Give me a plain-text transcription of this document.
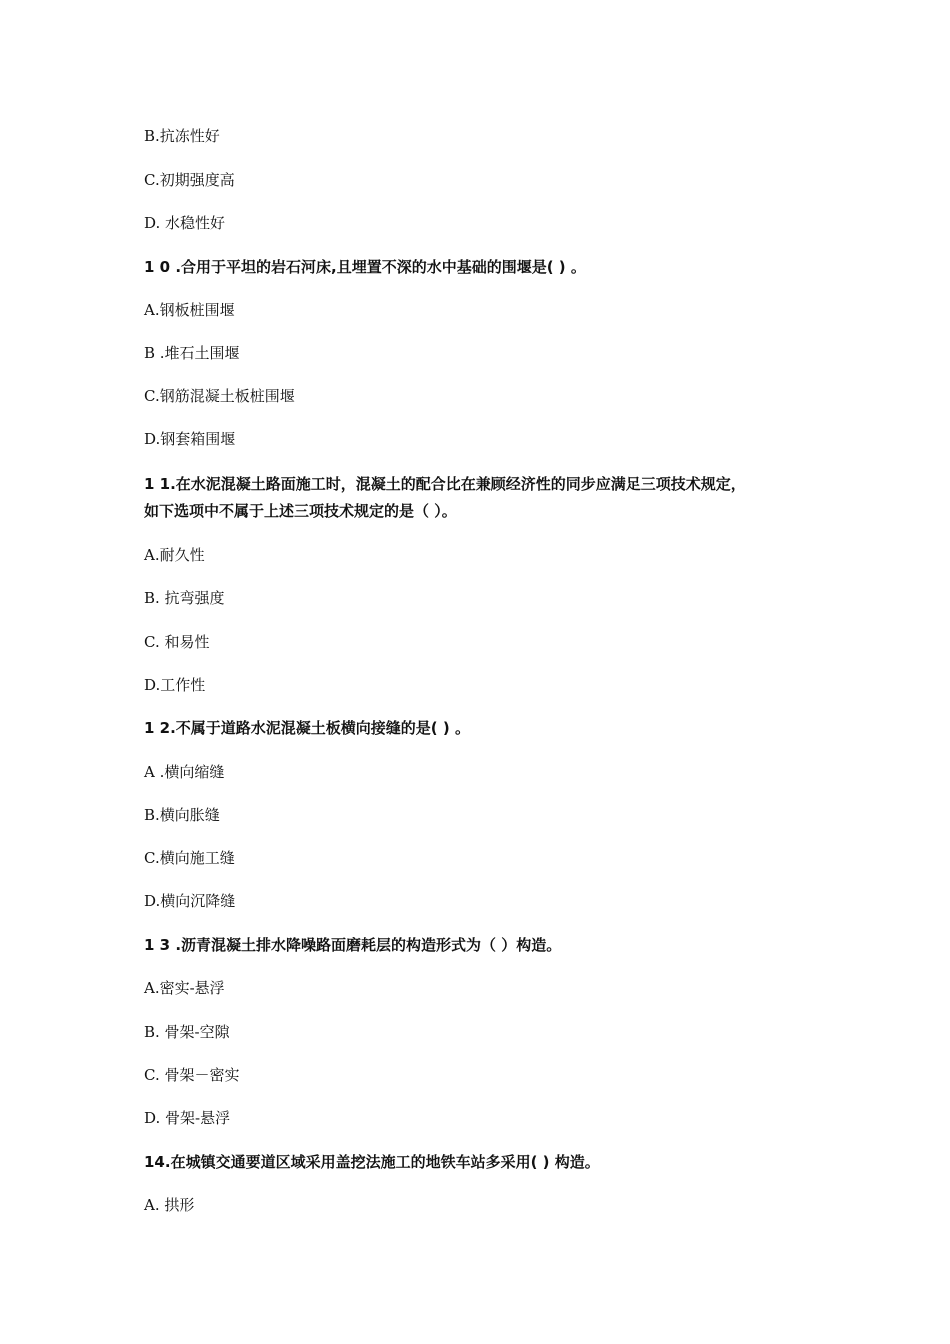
B.抗冻性好
C.初期强度高
D. 水稳性好
1 0 .合用于平坦的岩石河床,且埋置不深的水中基础的围堰是( ) 。
A.钢板桩围堰
B .堆石土围堰
C.钢筋混凝土板桩围堰
D.钢套箱围堰
1 1.在水泥混凝土路面施工时，混凝土的配合比在兼顾经济性的同步应满足三项技术规定，
如下选项中不属于上述三项技术规定的是（ ）。
A.耐久性
B. 抗弯强度
C. 和易性
D.工作性
1 2.不属于道路水泥混凝土板横向接缝的是( ) 。
A .横向缩缝
B.横向胀缝
C.横向施工缝
D.横向沉降缝
1 3 .沥青混凝土排水降噪路面磨耗层的构造形式为（ ）构造。
A.密实-悬浮
B. 骨架-空隙
C. 骨架－密实
D. 骨架-悬浮
14.在城镇交通要道区域采用盖挖法施工的地铁车站多采用( ) 构造。
A. 拱形
